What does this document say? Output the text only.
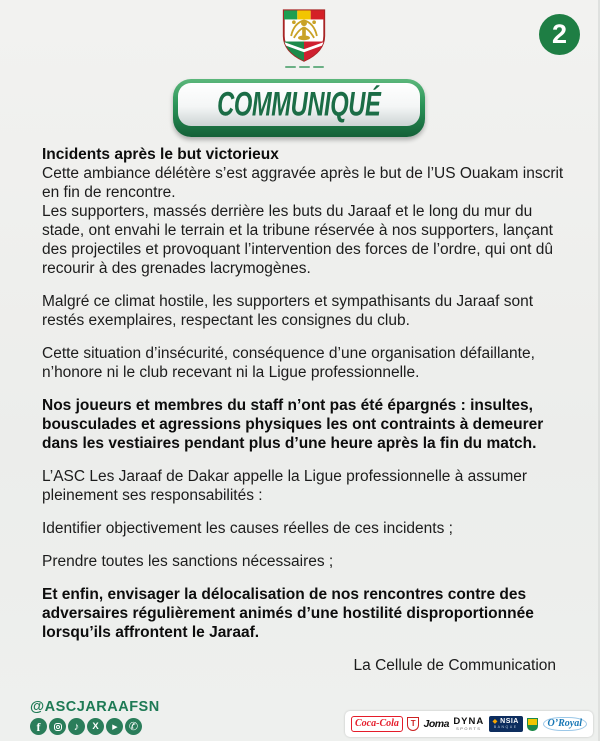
2
COMMUNIQUÉ

Incidents après le but victorieux

Cette ambiance délétère s’est aggravée après le but de l’US Ouakam inscrit en fin de rencontre.

Les supporters, massés derrière les buts du Jaraaf et le long du mur du stade, ont envahi le terrain et la tribune réservée à nos supporters, lançant des projectiles et provoquant l’intervention des forces de l’ordre, qui ont dû recourir à des grenades lacrymogènes.

Malgré ce climat hostile, les supporters et sympathisants du Jaraaf sont restés exemplaires, respectant les consignes du club.

Cette situation d’insécurité, conséquence d’une organisation défaillante, n’honore ni le club recevant ni la Ligue professionnelle.

Nos joueurs et membres du staff n’ont pas été épargnés : insultes, bousculades et agressions physiques les ont contraints à demeurer dans les vestiaires pendant plus d’une heure après la fin du match.

L’ASC Les Jaraaf de Dakar appelle la Ligue professionnelle à assumer pleinement ses responsabilités :

Identifier objectivement les causes réelles de ces incidents ;

Prendre toutes les sanctions nécessaires ;

Et enfin, envisager la délocalisation de nos rencontres contre des adversaires régulièrement animés d’une hostilité disproportionnée lorsqu’ils affrontent le Jaraaf.

La Cellule de Communication

@ASCJARAAFSN
f	♪ X ▶ ✆	Coca-Cola	T Joma DYNA
SPORTS
◆ NSIA
BANQUE	O’Royal
